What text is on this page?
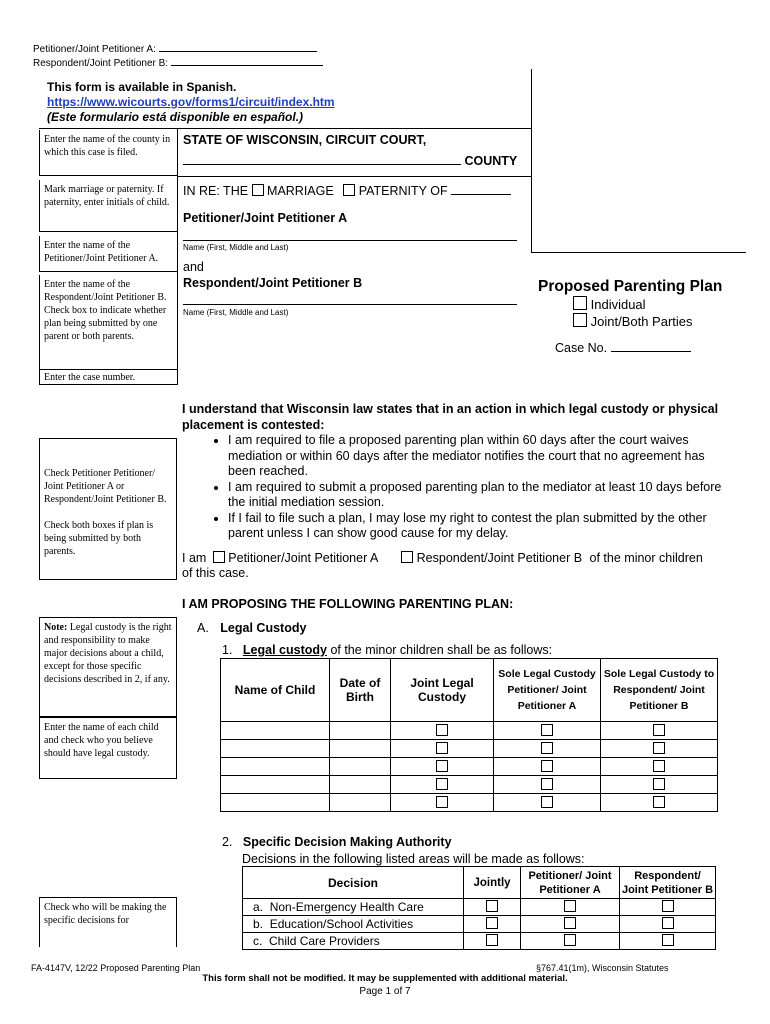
Petitioner/Joint Petitioner A:
Respondent/Joint Petitioner B:
This form is available in Spanish.
https://www.wicourts.gov/forms1/circuit/index.htm
(Este formulario está disponible en español.)
Enter the name of the county in which this case is filed.
Mark marriage or paternity. If paternity, enter initials of child.
Enter the name of the Petitioner/Joint Petitioner A.
Enter the name of the Respondent/Joint Petitioner B. Check box to indicate whether plan being submitted by one parent or both parents.
Enter the case number.
STATE OF WISCONSIN, CIRCUIT COURT,
COUNTY
IN RE: THE MARRIAGE PATERNITY OF
Petitioner/Joint Petitioner A
Name (First, Middle and Last)
and
Respondent/Joint Petitioner B
Name (First, Middle and Last)
Proposed Parenting Plan
Individual
Joint/Both Parties
Case No.
I understand that Wisconsin law states that in an action in which legal custody or physical placement is contested:
• I am required to file a proposed parenting plan within 60 days after the court waives mediation or within 60 days after the mediator notifies the court that no agreement has been reached.
• I am required to submit a proposed parenting plan to the mediator at least 10 days before the initial mediation session.
• If I fail to file such a plan, I may lose my right to contest the plan submitted by the other parent unless I can show good cause for my delay.
I am Petitioner/Joint Petitioner A	Respondent/Joint Petitioner B of the minor children
of this case.
Check Petitioner Petitioner/ Joint Petitioner A or Respondent/Joint Petitioner B.
Check both boxes if plan is being submitted by both parents.
I AM PROPOSING THE FOLLOWING PARENTING PLAN:
A. Legal Custody
1. Legal custody of the minor children shall be as follows:
Note: Legal custody is the right and responsibility to make major decisions about a child, except for those specific decisions described in 2, if any.
Enter the name of each child and check who you believe should have legal custody.
Name of Child	Date of Birth	Joint Legal Custody	Sole Legal Custody Petitioner/ Joint Petitioner A	Sole Legal Custody to Respondent/ Joint Petitioner B

2. Specific Decision Making Authority
Decisions in the following listed areas will be made as follows:
Decision	Jointly	Petitioner/ Joint Petitioner A	Respondent/ Joint Petitioner B
a. Non-Emergency Health Care			
b. Education/School Activities			
c. Child Care Providers			
Check who will be making the specific decisions for
FA-4147V, 12/22 Proposed Parenting Plan	§767.41(1m), Wisconsin Statutes
This form shall not be modified. It may be supplemented with additional material.
Page 1 of 7
